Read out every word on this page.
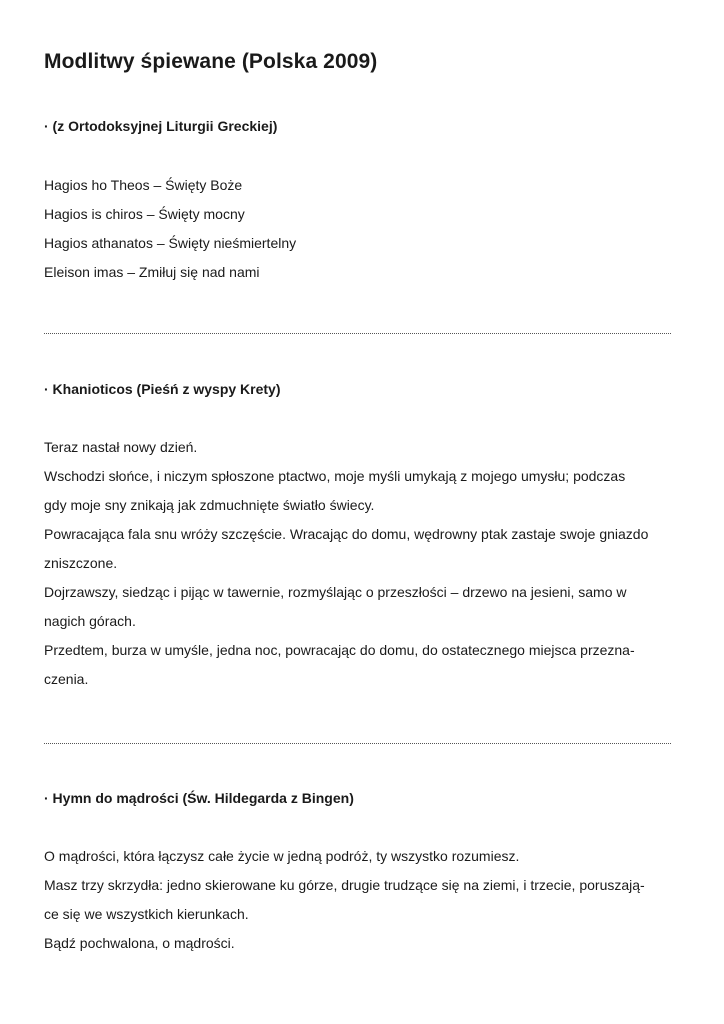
Modlitwy śpiewane (Polska 2009)

· (z Ortodoksyjnej Liturgii Greckiej)

Hagios ho Theos – Święty Boże
Hagios is chiros – Święty mocny
Hagios athanatos – Święty nieśmiertelny
Eleison imas – Zmiłuj się nad nami

· Khanioticos (Pieśń z wyspy Krety)

Teraz nastał nowy dzień.
Wschodzi słońce, i niczym spłoszone ptactwo, moje myśli umykają z mojego umysłu; podczas
gdy moje sny znikają jak zdmuchnięte światło świecy.
Powracająca fala snu wróży szczęście. Wracając do domu, wędrowny ptak zastaje swoje gniazdo
zniszczone.
Dojrzawszy, siedząc i pijąc w tawernie, rozmyślając o przeszłości – drzewo na jesieni, samo w
nagich górach.
Przedtem, burza w umyśle, jedna noc, powracając do domu, do ostatecznego miejsca przezna-
czenia.

· Hymn do mądrości (Św. Hildegarda z Bingen)

O mądrości, która łączysz całe życie w jedną podróż, ty wszystko rozumiesz.
Masz trzy skrzydła: jedno skierowane ku górze, drugie trudzące się na ziemi, i trzecie, poruszają-
ce się we wszystkich kierunkach.
Bądź pochwalona, o mądrości.
